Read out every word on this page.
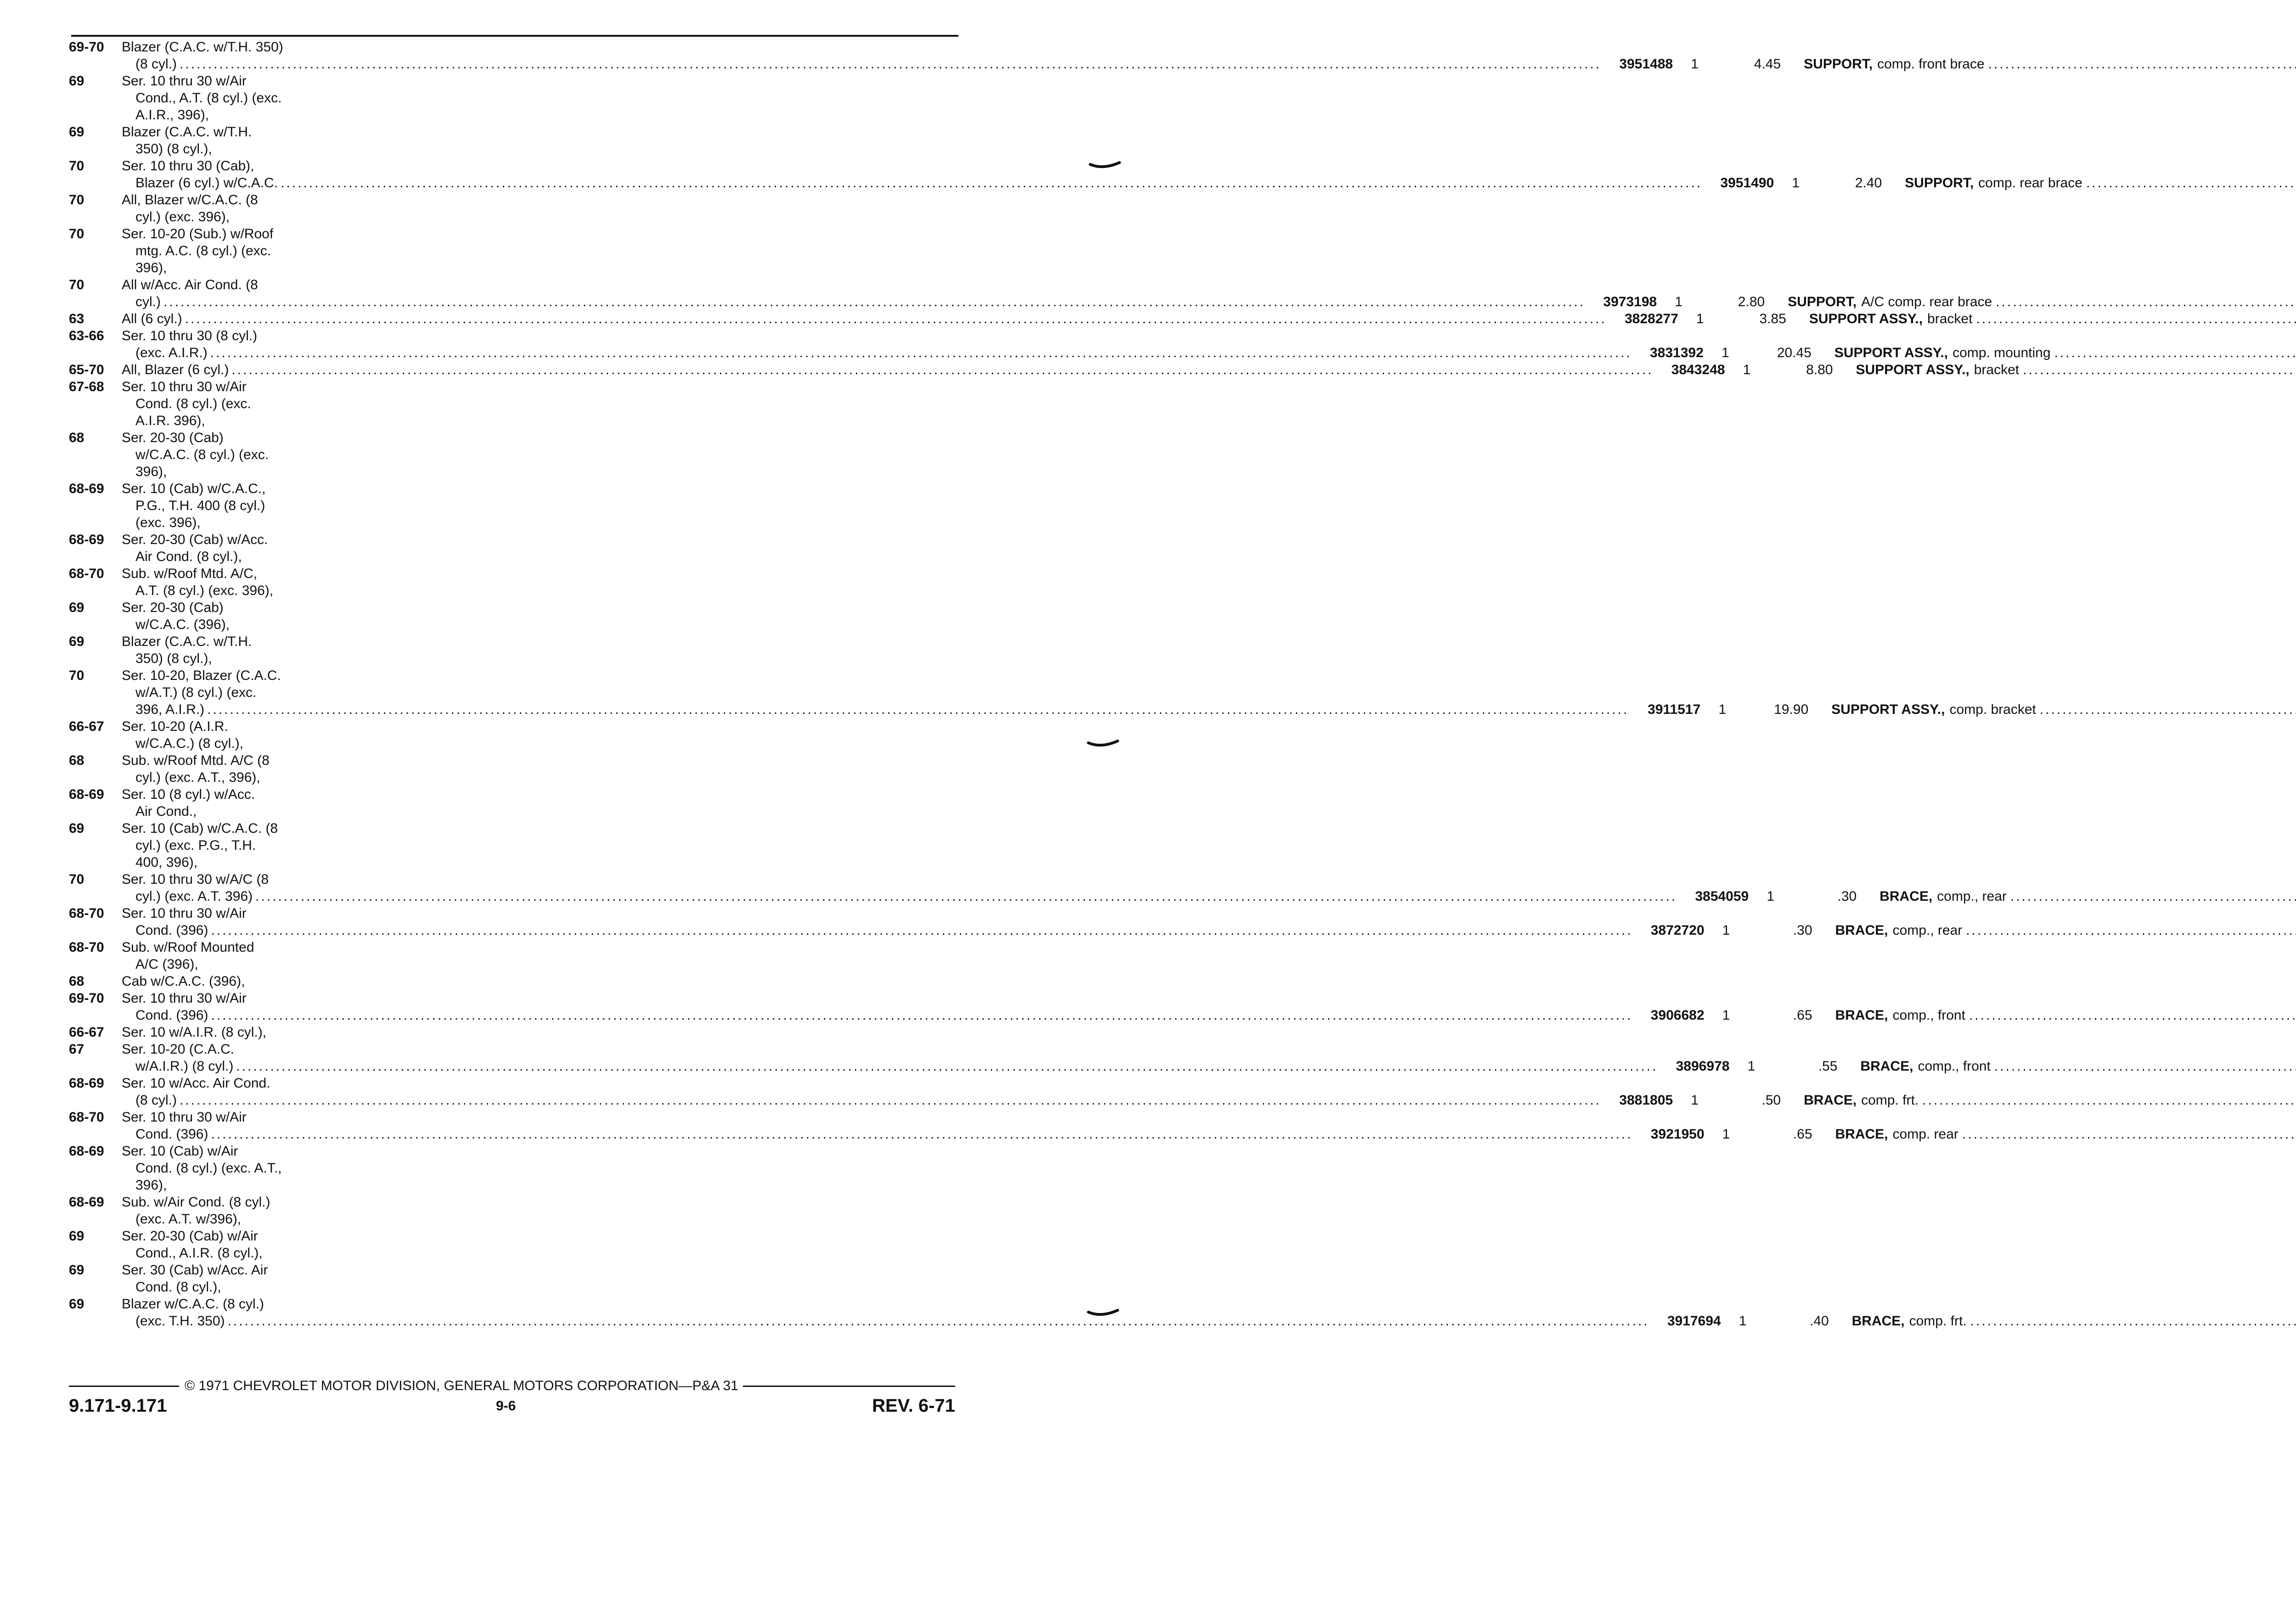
69-70	Blazer (C.A.C. w/T.H. 350)
(8 cyl.) .....	3951488	1	4.45 SUPPORT, comp. front brace
.....
69	Ser. 10 thru 30 w/Air
Cond., A.T. (8 cyl.) (exc.
A.I.R., 396),
69	Blazer (C.A.C. w/T.H.
350) (8 cyl.),
70	Ser. 10 thru 30 (Cab),
Blazer (6 cyl.) w/C.A.C. .....	3951490	1	2.40 SUPPORT, comp. rear brace
.....
70	All, Blazer w/C.A.C. (8
cyl.) (exc. 396),
70	Ser. 10-20 (Sub.) w/Roof
mtg. A.C. (8 cyl.) (exc.
396),
70	All w/Acc. Air Cond. (8
cyl.) .....	3973198	1	2.80 SUPPORT, A/C comp. rear brace
.....
63	All (6 cyl.) .....	3828277	1	3.85 SUPPORT ASSY., bracket
.....
63-66	Ser. 10 thru 30 (8 cyl.)
(exc. A.I.R.) .....	3831392	1	20.45 SUPPORT ASSY., comp. mounting
.....
65-70	All, Blazer (6 cyl.) .....	3843248	1	8.80 SUPPORT ASSY., bracket
.....
67-68	Ser. 10 thru 30 w/Air
Cond. (8 cyl.) (exc.
A.I.R. 396),
68	Ser. 20-30 (Cab)
w/C.A.C. (8 cyl.) (exc.
396),
68-69	Ser. 10 (Cab) w/C.A.C.,
P.G., T.H. 400 (8 cyl.)
(exc. 396),
68-69	Ser. 20-30 (Cab) w/Acc.
Air Cond. (8 cyl.),
68-70	Sub. w/Roof Mtd. A/C,
A.T. (8 cyl.) (exc. 396),
69	Ser. 20-30 (Cab)
w/C.A.C. (396),
69	Blazer (C.A.C. w/T.H.
350) (8 cyl.),
70	Ser. 10-20, Blazer (C.A.C.
w/A.T.) (8 cyl.) (exc.
396, A.I.R.) .....	3911517	1	19.90 SUPPORT ASSY., comp. bracket
.....
66-67	Ser. 10-20 (A.I.R.
w/C.A.C.) (8 cyl.),
68	Sub. w/Roof Mtd. A/C (8
cyl.) (exc. A.T., 396),
68-69	Ser. 10 (8 cyl.) w/Acc.
Air Cond.,
69	Ser. 10 (Cab) w/C.A.C. (8
cyl.) (exc. P.G., T.H.
400, 396),
70	Ser. 10 thru 30 w/A/C (8
cyl.) (exc. A.T. 396) .....	3854059	1	.30 BRACE, comp., rear
.....
68-70	Ser. 10 thru 30 w/Air
Cond. (396) .....	3872720	1	.30 BRACE, comp., rear
.....
68-70	Sub. w/Roof Mounted
A/C (396),
68	Cab w/C.A.C. (396),
69-70	Ser. 10 thru 30 w/Air
Cond. (396) .....	3906682	1	.65 BRACE, comp., front
.....
66-67	Ser. 10 w/A.I.R. (8 cyl.),
67	Ser. 10-20 (C.A.C.
w/A.I.R.) (8 cyl.) .....	3896978	1	.55 BRACE, comp., front
.....
68-69	Ser. 10 w/Acc. Air Cond.
(8 cyl.) .....	3881805	1	.50 BRACE, comp. frt.
.....
68-70	Ser. 10 thru 30 w/Air
Cond. (396) .....	3921950	1	.65 BRACE, comp. rear
.....
68-69	Ser. 10 (Cab) w/Air
Cond. (8 cyl.) (exc. A.T.,
396),
68-69	Sub. w/Air Cond. (8 cyl.)
(exc. A.T. w/396),
69	Ser. 20-30 (Cab) w/Air
Cond., A.I.R. (8 cyl.),
69	Ser. 30 (Cab) w/Acc. Air
Cond. (8 cyl.),
69	Blazer w/C.A.C. (8 cyl.)
(exc. T.H. 350) .....	3917694	1	.40 BRACE, comp. frt.
.....
© 1971 CHEVROLET MOTOR DIVISION, GENERAL MOTORS CORPORATION—P&A 31
9.171-9.171	9-6	REV. 6-71
